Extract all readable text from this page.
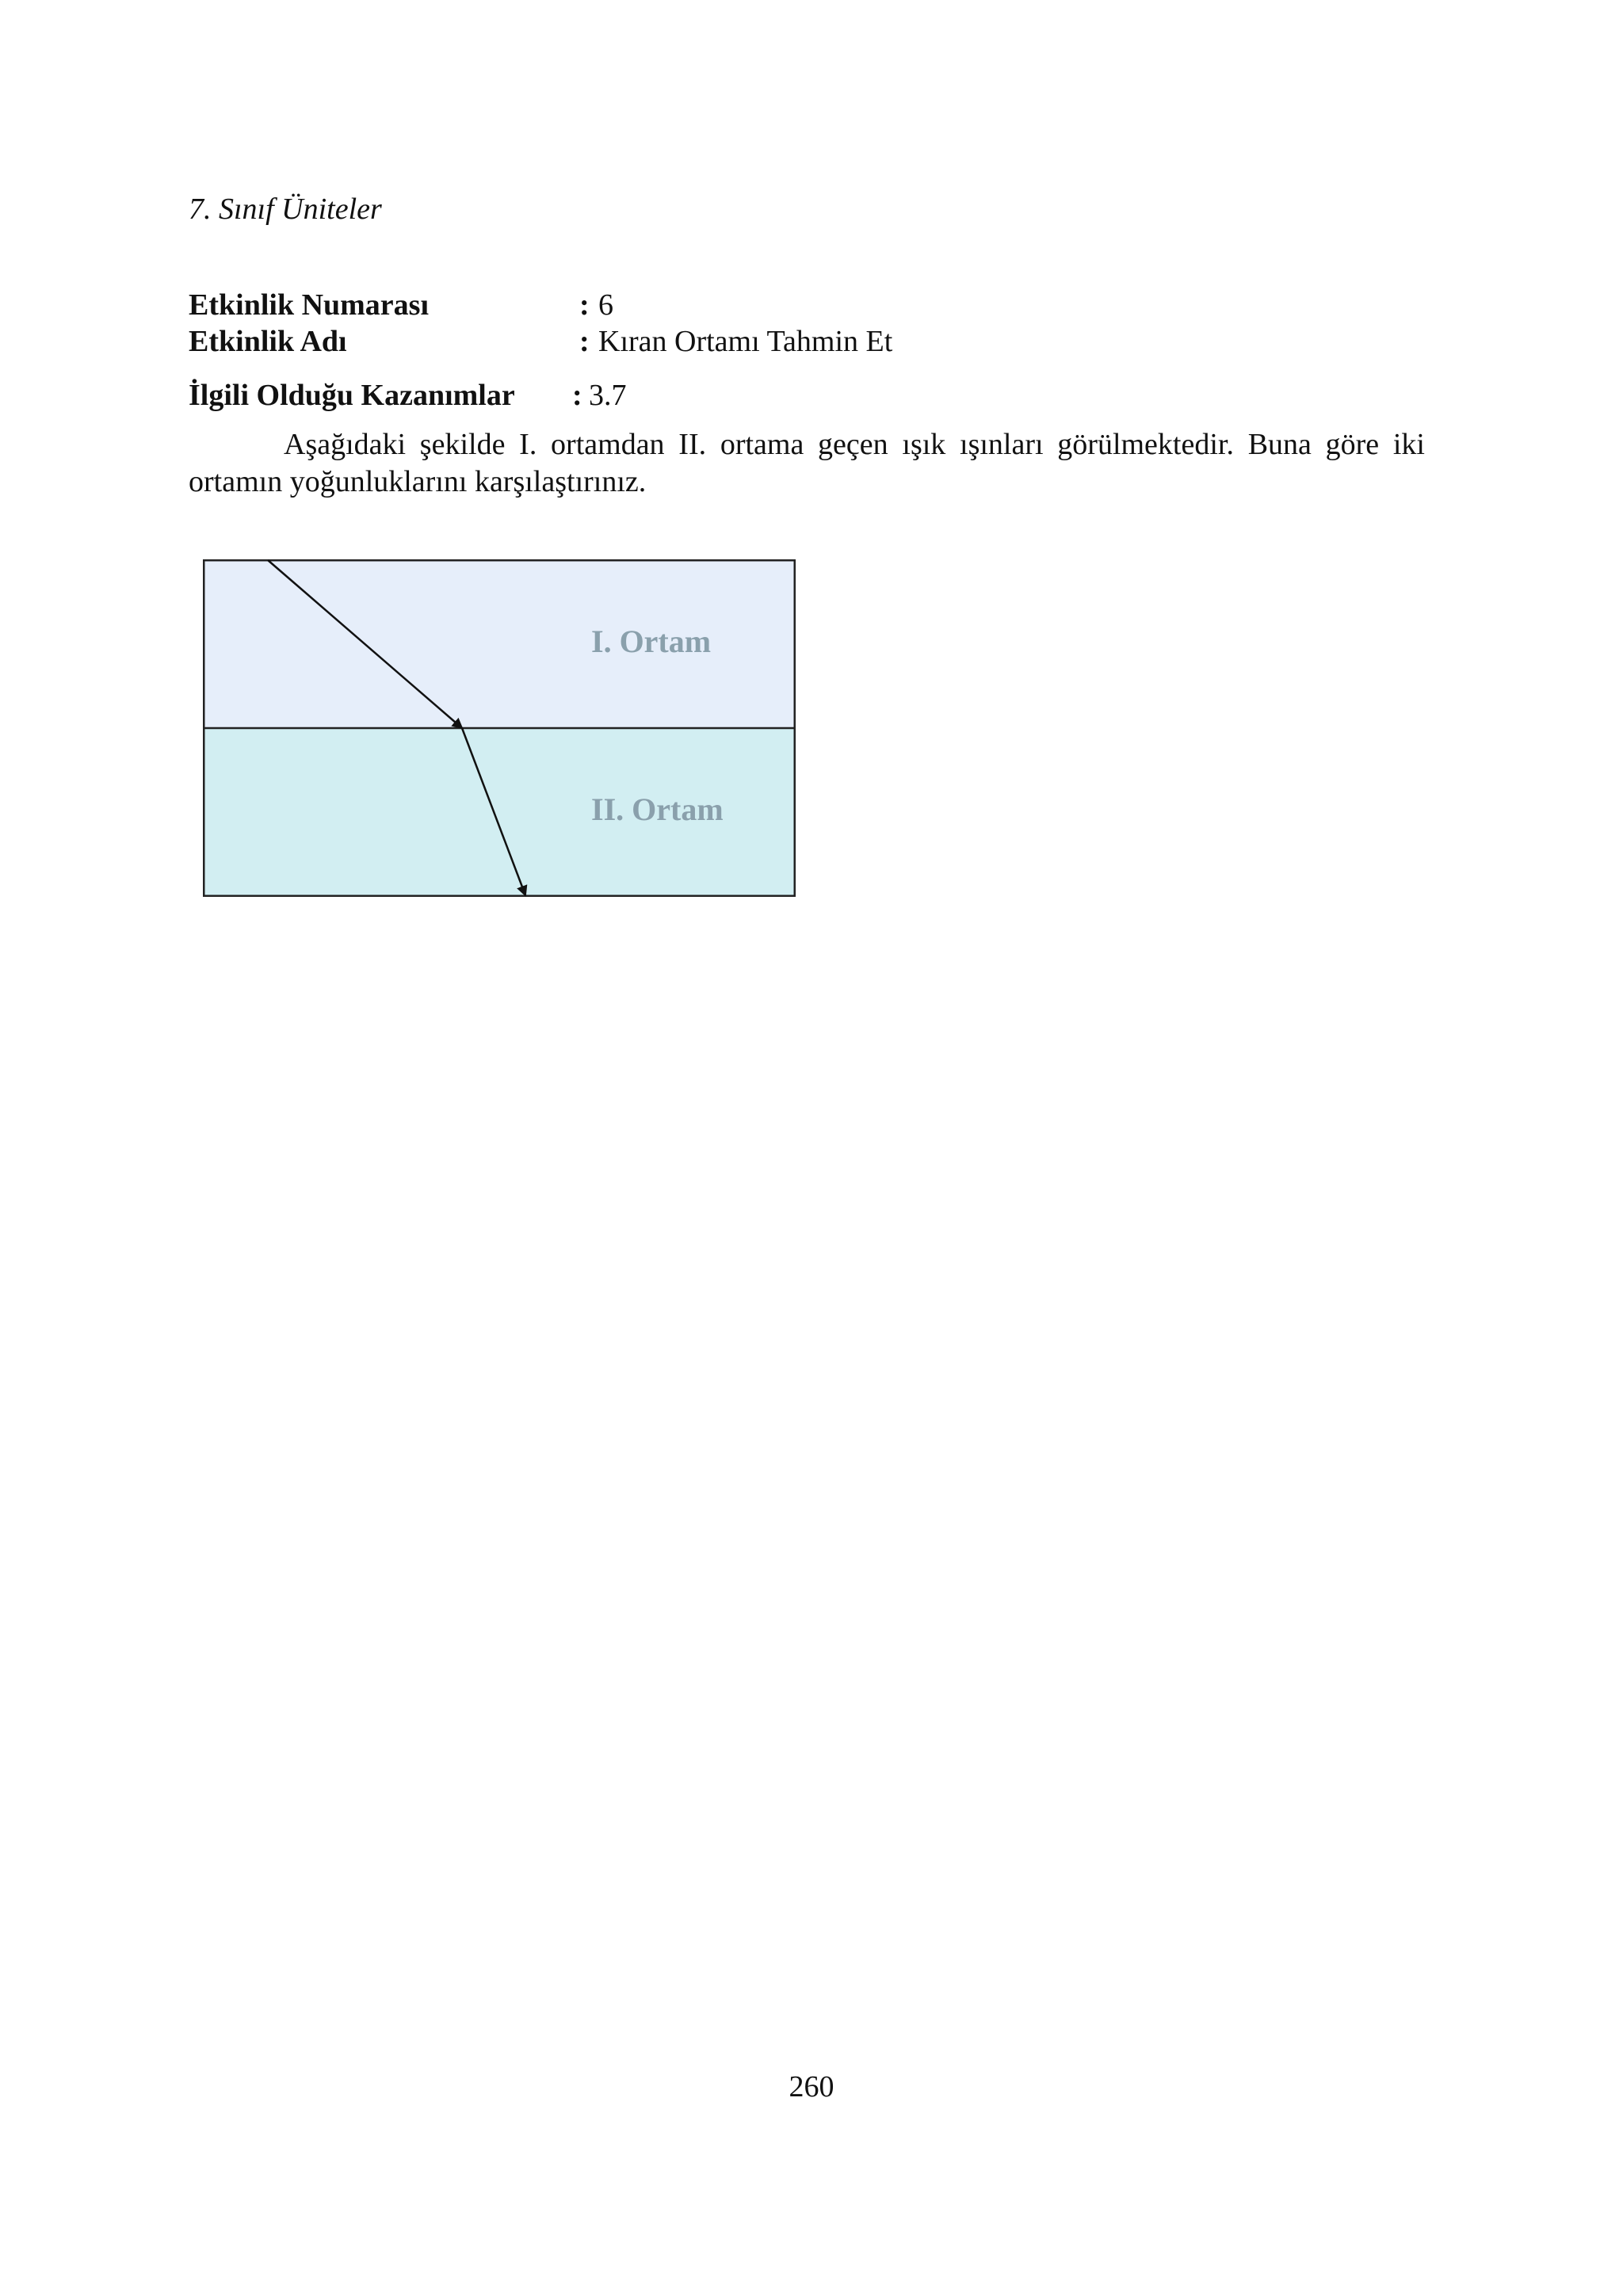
7. Sınıf Üniteler
Etkinlik Numarası	: 6
Etkinlik Adı	: Kıran Ortamı Tahmin Et
İlgili Olduğu Kazanımlar : 3.7

Aşağıdaki şekilde I. ortamdan II. ortama geçen ışık ışınları görülmektedir. Buna göre iki ortamın yoğunluklarını karşılaştırınız.

I. Ortam
II. Ortam
260
